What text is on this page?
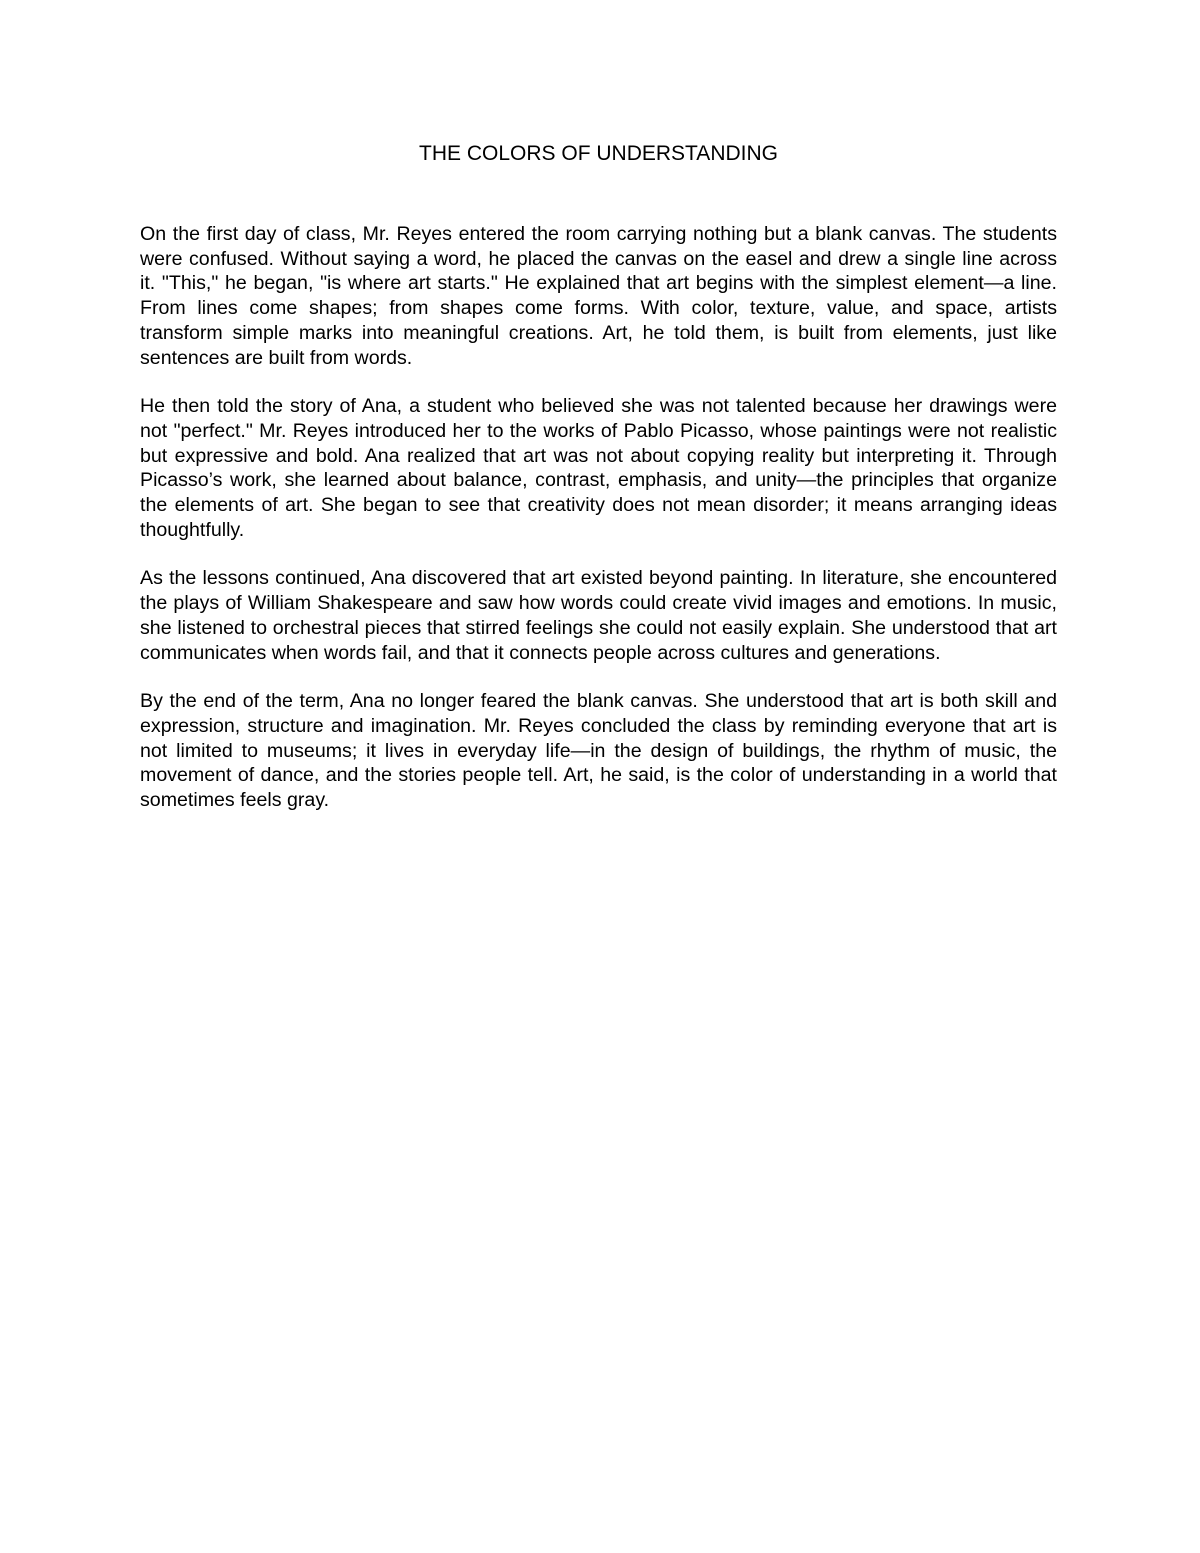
THE COLORS OF UNDERSTANDING

On the first day of class, Mr. Reyes entered the room carrying nothing but a blank canvas. The students were confused. Without saying a word, he placed the canvas on the easel and drew a single line across it. "This," he began, "is where art starts." He explained that art begins with the simplest element—a line. From lines come shapes; from shapes come forms. With color, texture, value, and space, artists transform simple marks into meaningful creations. Art, he told them, is built from elements, just like sentences are built from words.

He then told the story of Ana, a student who believed she was not talented because her drawings were not "perfect." Mr. Reyes introduced her to the works of Pablo Picasso, whose paintings were not realistic but expressive and bold. Ana realized that art was not about copying reality but interpreting it. Through Picasso’s work, she learned about balance, contrast, emphasis, and unity—the principles that organize the elements of art. She began to see that creativity does not mean disorder; it means arranging ideas thoughtfully.

As the lessons continued, Ana discovered that art existed beyond painting. In literature, she encountered the plays of William Shakespeare and saw how words could create vivid images and emotions. In music, she listened to orchestral pieces that stirred feelings she could not easily explain. She understood that art communicates when words fail, and that it connects people across cultures and generations.

By the end of the term, Ana no longer feared the blank canvas. She understood that art is both skill and expression, structure and imagination. Mr. Reyes concluded the class by reminding everyone that art is not limited to museums; it lives in everyday life—in the design of buildings, the rhythm of music, the movement of dance, and the stories people tell. Art, he said, is the color of understanding in a world that sometimes feels gray.
